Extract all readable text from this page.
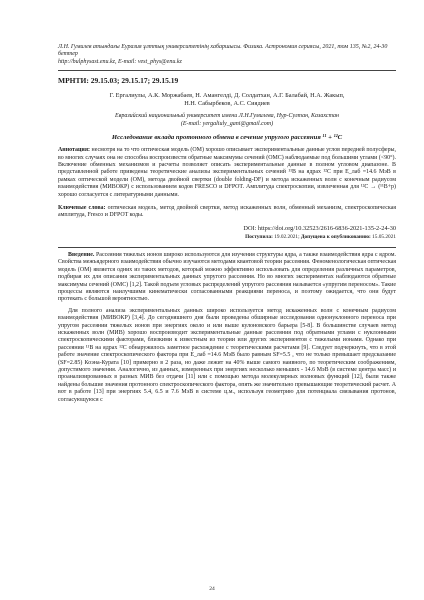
Л.Н. Гумилев атындағы Еуразия ұлттық университетінің хабаршысы. Физика. Астрономия сериясы, 2021, том 135, №2, 24-30 беттер
http://bulphysast.enu.kz, E-mail: vest_phys@enu.kz
МРНТИ: 29.15.03; 29.15.17; 29.15.19
Г. Ергалиулы, А.К. Моржабаев, Н. Амангелді, Д. Солдатхан, А.Г. Балабай, Н.А. Жакып,
Н.Н. Сабырбеков, А.С. Сиядиев
Евразийский национальный университет имени Л.Н.Гумилева, Нур-Султан, Казахстан
(E-mail: yergaliuly_gani@gmail.com)
Исследование вклада протонного обмена в сечение упругого рассеяния ¹¹ + ¹²C
Аннотация: несмотря на то что оптическая модель (ОМ) хорошо описывает экспериментальные данные углов передней полусферы, во многих случаях она не способна воспроизвести обратные максимумы сечений (ОМС) наблюдаемые под большими углами (<90°). Включение обменных механизмов и расчеты позволяет описать экспериментальные данные в полном угловом диапазоне. В представленной работе приведены теоретические анализы экспериментальных сечений ¹¹B на ядрах ¹²C при E_лаб =14.6 МэВ в рамках оптической модели (ОМ), метода двойной свертки (double folding-DF) и метода искаженных волн с конечным радиусом взаимодействия (МИВОКР) с использованием кодов FRESCO и DFPOT. Амплитуда спектроскопии, извлеченная для ¹²C → (¹¹B+p) хорошо согласуется с литературными данными.
Ключевые слова: оптическая модель, метод двойной свертки, метод искаженных волн, обменный механизм, спектроскопическая амплитуда, Fresco и DFPOT коды.
DOI: https://doi.org/10.32523/2616-6836-2021-135-2-24-30
Поступила: 19.02.2021; Допущена к опубликованию: 15.05.2021
Введение. Рассеяния тяжелых ионов широко используются для изучения структуры ядра, а также взаимодействия ядра с ядром. Свойства межъядерного взаимодействия обычно изучаются методами квантовой теории рассеяния. Феноменологическая оптическая модель (ОМ) является одних из таких методов, который можно эффективно использовать для определения различных параметров, подбирая их для описания экспериментальных данных упругого рассеяния. Но во многих экспериментах наблюдаются обратные максимумы сечений (ОМС) [1,2]. Такой подъем угловых распределений упругого рассеяния называется «упругим переносом». Такие процессы являются наилучшими кинематически согласованными реакциями переноса, и поэтому ожидается, что они будут протекать с большой вероятностью.
Для полного анализа экспериментальных данных широко используется метод искаженных волн с конечным радиусом взаимодействия (МИВОКР) [3,4]. До сегодняшнего дня были проведены обширные исследования однонуклонного переноса при упругом рассеянии тяжелых ионов при энергиях около и или выше кулоновского барьера [5-8]. В большинстве случаев метод искаженных волн (МИВ) хорошо воспроизводит экспериментальные данные рассеяния под обратными углами с нуклонными спектроскопическими факторами, близкими к известным из теории или других экспериментов с тяжелыми ионами. Однако при рассеянии ¹¹B на ядрах ¹²C обнаружилось заметное расхождение с теоретическими расчетами [9]. Следует подчеркнуть, что в этой работе значение спектроскопического фактора при E_лаб =14.6 МэВ было равным SF=5.5 , что не только превышает предсказание (SF=2.85) Коэна-Курата [10] примерно в 2 раза, но даже лежит на 40% выше самого наивного, по теоретическим соображениям, допустимого значения. Аналогично, из данных, измеренных при энергиях несколько меньших - 14.6 МэВ (в системе центра масс) и проанализированных в разных МИВ без отдачи [11] или с помощью метода молекулярных волновых функций [12], были также найдены большие значения протонного спектроскопического фактора, опять же значительно превышающие теоретический расчет. А вот в работе [13] при энергиях 5.4, 6.5 и 7.6 МэВ в системе ц.м., используя геометрию для потенциала связывания протонов, согласующуюся с
24
